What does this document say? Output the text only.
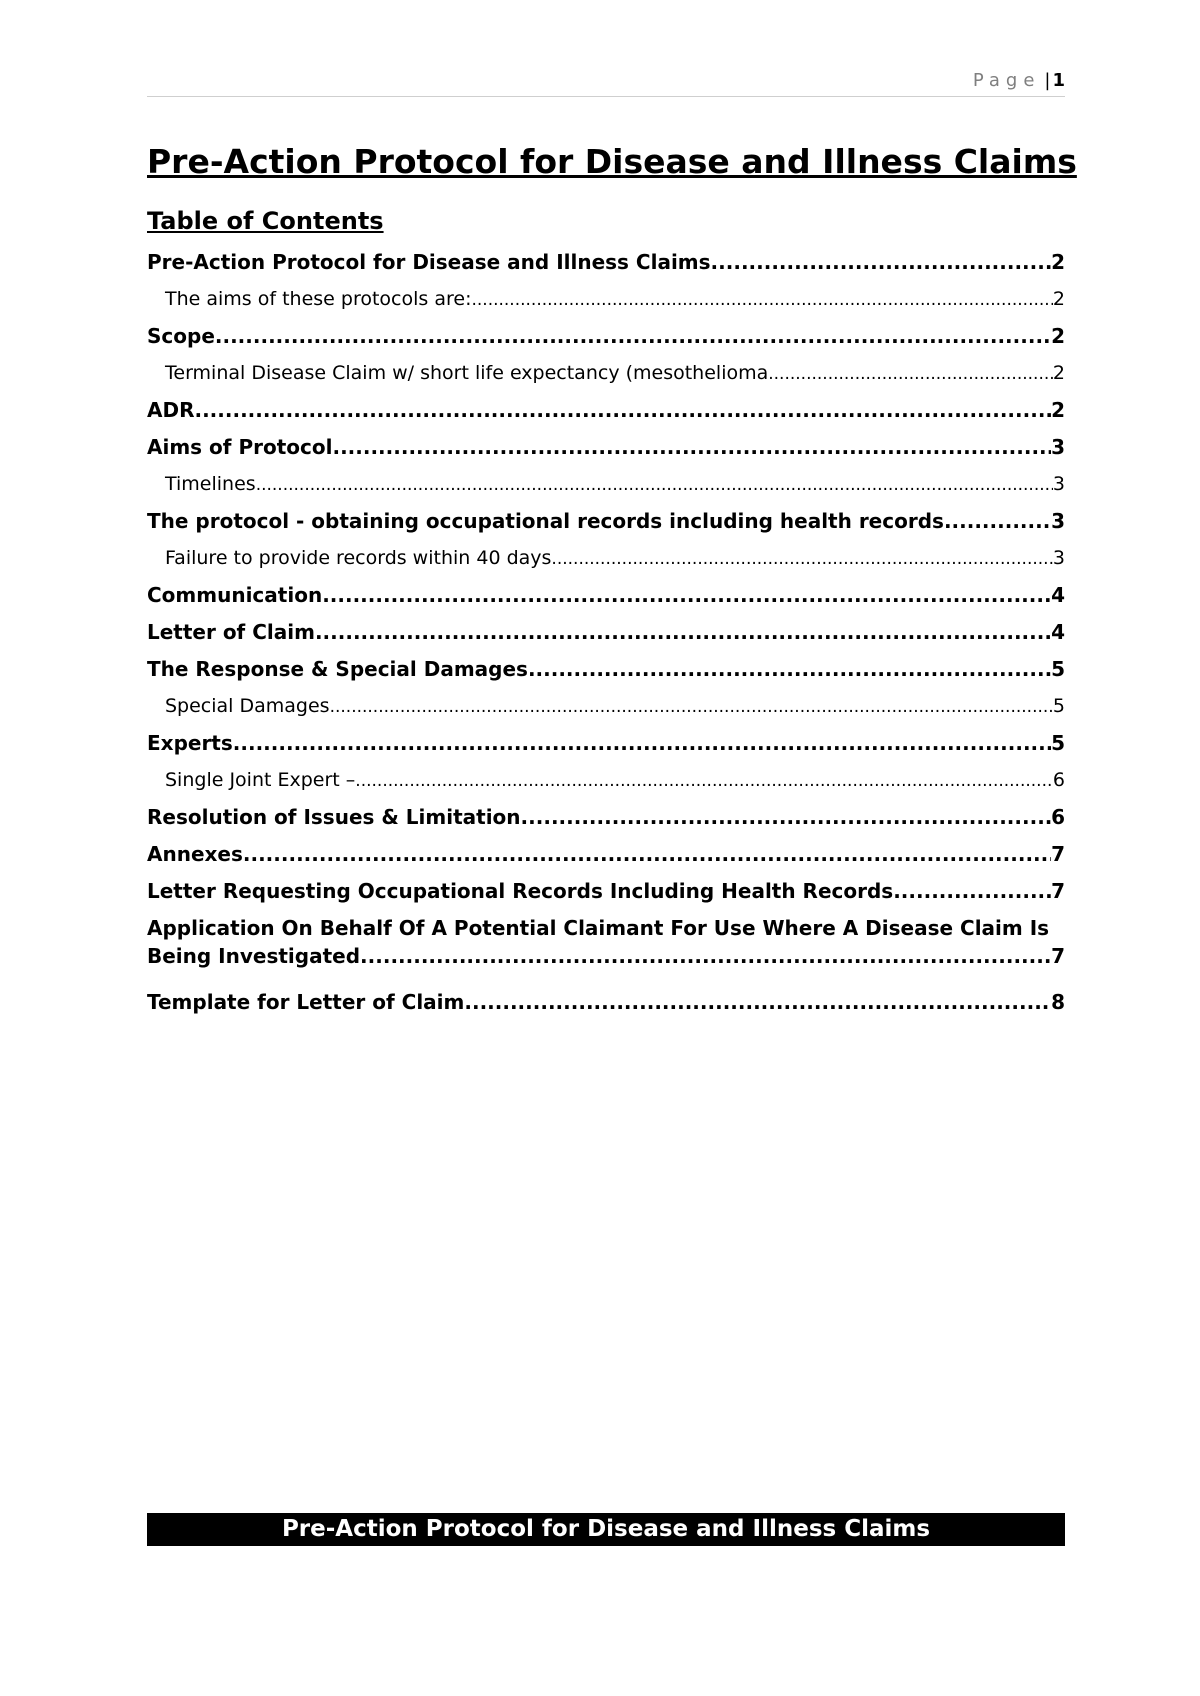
Page | 1
Pre-Action Protocol for Disease and Illness Claims
Table of Contents
Pre-Action Protocol for Disease and Illness Claims .....	2
The aims of these protocols are: .....	2
Scope .....	2
Terminal Disease Claim w/ short life expectancy (mesothelioma .....	2
ADR .....	2
Aims of Protocol .....	3
Timelines .....	3
The protocol - obtaining occupational records including health records .....	3
Failure to provide records within 40 days .....	3
Communication .....	4
Letter of Claim .....	4
The Response & Special Damages .....	5
Special Damages .....	5
Experts .....	5
Single Joint Expert – .....	6
Resolution of Issues & Limitation .....	6
Annexes .....	7
Letter Requesting Occupational Records Including Health Records .....	7
Application On Behalf Of A Potential Claimant For Use Where A Disease Claim Is
Being Investigated .....	7
Template for Letter of Claim .....	8
Pre-Action Protocol for Disease and Illness Claims
